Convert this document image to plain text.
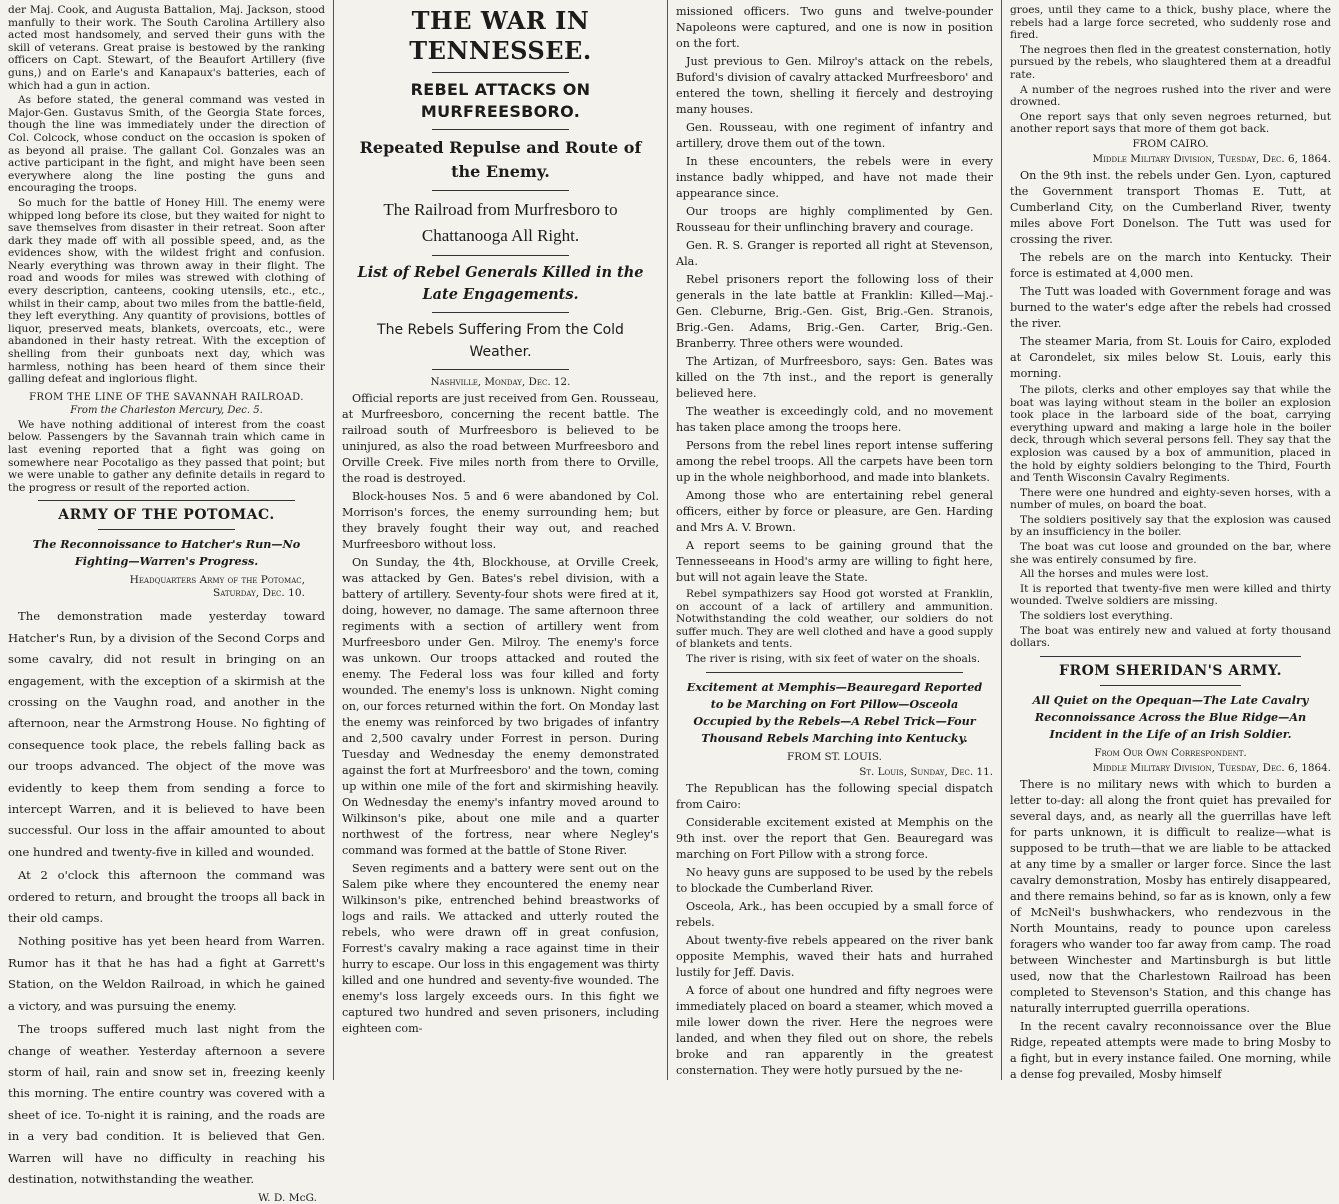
der Maj. Cook, and Augusta Battalion, Maj. Jackson, stood manfully to their work. The South Carolina Artillery also acted most handsomely, and served their guns with the skill of veterans. Great praise is bestowed by the ranking officers on Capt. Stewart, of the Beaufort Artillery (five guns,) and on Earle's and Kanapaux's batteries, each of which had a gun in action.

As before stated, the general command was vested in Major-Gen. Gustavus Smith, of the Georgia State forces, though the line was immediately under the direction of Col. Colcock, whose conduct on the occasion is spoken of as beyond all praise. The gallant Col. Gonzales was an active participant in the fight, and might have been seen everywhere along the line posting the guns and encouraging the troops.

So much for the battle of Honey Hill. The enemy were whipped long before its close, but they waited for night to save themselves from disaster in their retreat. Soon after dark they made off with all possible speed, and, as the evidences show, with the wildest fright and confusion. Nearly everything was thrown away in their flight. The road and woods for miles was strewed with clothing of every description, canteens, cooking utensils, etc., etc., whilst in their camp, about two miles from the battle-field, they left everything. Any quantity of provisions, bottles of liquor, preserved meats, blankets, overcoats, etc., were abandoned in their hasty retreat. With the exception of shelling from their gunboats next day, which was harmless, nothing has been heard of them since their galling defeat and inglorious flight.

FROM THE LINE OF THE SAVANNAH RAILROAD.
From the Charleston Mercury, Dec. 5.

We have nothing additional of interest from the coast below. Passengers by the Savannah train which came in last evening reported that a fight was going on somewhere near Pocotaligo as they passed that point; but we were unable to gather any definite details in regard to the progress or result of the reported action.

ARMY OF THE POTOMAC.
The Reconnoissance to Hatcher's Run—No Fighting—Warren's Progress.
Headquarters Army of the Potomac,
Saturday, Dec. 10.

The demonstration made yesterday toward Hatcher's Run, by a division of the Second Corps and some cavalry, did not result in bringing on an engagement, with the exception of a skirmish at the crossing on the Vaughn road, and another in the afternoon, near the Armstrong House. No fighting of consequence took place, the rebels falling back as our troops advanced. The object of the move was evidently to keep them from sending a force to intercept Warren, and it is believed to have been successful. Our loss in the affair amounted to about one hundred and twenty-five in killed and wounded.

At 2 o'clock this afternoon the command was ordered to return, and brought the troops all back in their old camps.

Nothing positive has yet been heard from Warren. Rumor has it that he has had a fight at Garrett's Station, on the Weldon Railroad, in which he gained a victory, and was pursuing the enemy.

The troops suffered much last night from the change of weather. Yesterday afternoon a severe storm of hail, rain and snow set in, freezing keenly this morning. The entire country was covered with a sheet of ice. To-night it is raining, and the roads are in a very bad condition. It is believed that Gen. Warren will have no difficulty in reaching his destination, notwithstanding the weather.

W. D. McG.
THE WAR IN TENNESSEE.
REBEL ATTACKS ON MURFREESBORO.
Repeated Repulse and Route of the Enemy.
The Railroad from Murfresboro to Chattanooga All Right.
List of Rebel Generals Killed in the Late Engagements.
The Rebels Suffering From the Cold Weather.
Nashville, Monday, Dec. 12.

Official reports are just received from Gen. Rousseau, at Murfreesboro, concerning the recent battle. The railroad south of Murfreesboro is believed to be uninjured, as also the road between Murfreesboro and Orville Creek. Five miles north from there to Orville, the road is destroyed.

Block-houses Nos. 5 and 6 were abandoned by Col. Morrison's forces, the enemy surrounding hem; but they bravely fought their way out, and reached Murfreesboro without loss.

On Sunday, the 4th, Blockhouse, at Orville Creek, was attacked by Gen. Bates's rebel division, with a battery of artillery. Seventy-four shots were fired at it, doing, however, no damage. The same afternoon three regiments with a section of artillery went from Murfreesboro under Gen. Milroy. The enemy's force was unkown. Our troops attacked and routed the enemy. The Federal loss was four killed and forty wounded. The enemy's loss is unknown. Night coming on, our forces returned within the fort. On Monday last the enemy was reinforced by two brigades of infantry and 2,500 cavalry under Forrest in person. During Tuesday and Wednesday the enemy demonstrated against the fort at Murfreesboro' and the town, coming up within one mile of the fort and skirmishing heavily. On Wednesday the enemy's infantry moved around to Wilkinson's pike, about one mile and a quarter northwest of the fortress, near where Negley's command was formed at the battle of Stone River.

Seven regiments and a battery were sent out on the Salem pike where they encountered the enemy near Wilkinson's pike, entrenched behind breastworks of logs and rails. We attacked and utterly routed the rebels, who were drawn off in great confusion, Forrest's cavalry making a race against time in their hurry to escape. Our loss in this engagement was thirty killed and one hundred and seventy-five wounded. The enemy's loss largely exceeds ours. In this fight we captured two hundred and seven prisoners, including eighteen com-

missioned officers. Two guns and twelve-pounder Napoleons were captured, and one is now in position on the fort.

Just previous to Gen. Milroy's attack on the rebels, Buford's division of cavalry attacked Murfreesboro' and entered the town, shelling it fiercely and destroying many houses.

Gen. Rousseau, with one regiment of infantry and artillery, drove them out of the town.

In these encounters, the rebels were in every instance badly whipped, and have not made their appearance since.

Our troops are highly complimented by Gen. Rousseau for their unflinching bravery and courage.

Gen. R. S. Granger is reported all right at Stevenson, Ala.

Rebel prisoners report the following loss of their generals in the late battle at Franklin: Killed—Maj.-Gen. Cleburne, Brig.-Gen. Gist, Brig.-Gen. Stranois, Brig.-Gen. Adams, Brig.-Gen. Carter, Brig.-Gen. Branberry. Three others were wounded.

The Artizan, of Murfreesboro, says: Gen. Bates was killed on the 7th inst., and the report is generally believed here.

The weather is exceedingly cold, and no movement has taken place among the troops here.

Persons from the rebel lines report intense suffering among the rebel troops. All the carpets have been torn up in the whole neighborhood, and made into blankets.

Among those who are entertaining rebel general officers, either by force or pleasure, are Gen. Harding and Mrs A. V. Brown.

A report seems to be gaining ground that the Tennesseeans in Hood's army are willing to fight here, but will not again leave the State.

Rebel sympathizers say Hood got worsted at Franklin, on account of a lack of artillery and ammunition. Notwithstanding the cold weather, our soldiers do not suffer much. They are well clothed and have a good supply of blankets and tents.

The river is rising, with six feet of water on the shoals.

Excitement at Memphis—Beauregard Reported to be Marching on Fort Pillow—Osceola Occupied by the Rebels—A Rebel Trick—Four Thousand Rebels Marching into Kentucky.
FROM ST. LOUIS.
St. Louis, Sunday, Dec. 11.

The Republican has the following special dispatch from Cairo:

Considerable excitement existed at Memphis on the 9th inst. over the report that Gen. Beauregard was marching on Fort Pillow with a strong force.

No heavy guns are supposed to be used by the rebels to blockade the Cumberland River.

Osceola, Ark., has been occupied by a small force of rebels.

About twenty-five rebels appeared on the river bank opposite Memphis, waved their hats and hurrahed lustily for Jeff. Davis.

A force of about one hundred and fifty negroes were immediately placed on board a steamer, which moved a mile lower down the river. Here the negroes were landed, and when they filed out on shore, the rebels broke and ran apparently in the greatest consternation. They were hotly pursued by the ne-

groes, until they came to a thick, bushy place, where the rebels had a large force secreted, who suddenly rose and fired.

The negroes then fled in the greatest consternation, hotly pursued by the rebels, who slaughtered them at a dreadful rate.

A number of the negroes rushed into the river and were drowned.

One report says that only seven negroes returned, but another report says that more of them got back.

FROM CAIRO.
Middle Military Division, Tuesday, Dec. 6, 1864.

On the 9th inst. the rebels under Gen. Lyon, captured the Government transport Thomas E. Tutt, at Cumberland City, on the Cumberland River, twenty miles above Fort Donelson. The Tutt was used for crossing the river.

The rebels are on the march into Kentucky. Their force is estimated at 4,000 men.

The Tutt was loaded with Government forage and was burned to the water's edge after the rebels had crossed the river.

The steamer Maria, from St. Louis for Cairo, exploded at Carondelet, six miles below St. Louis, early this morning.

The pilots, clerks and other employes say that while the boat was laying without steam in the boiler an explosion took place in the larboard side of the boat, carrying everything upward and making a large hole in the boiler deck, through which several persons fell. They say that the explosion was caused by a box of ammunition, placed in the hold by eighty soldiers belonging to the Third, Fourth and Tenth Wisconsin Cavalry Regiments.

There were one hundred and eighty-seven horses, with a number of mules, on board the boat.

The soldiers positively say that the explosion was caused by an insufficiency in the boiler.

The boat was cut loose and grounded on the bar, where she was entirely consumed by fire.

All the horses and mules were lost.

It is reported that twenty-five men were killed and thirty wounded. Twelve soldiers are missing.

The soldiers lost everything.

The boat was entirely new and valued at forty thousand dollars.

FROM SHERIDAN'S ARMY.
All Quiet on the Opequan—The Late Cavalry Reconnoissance Across the Blue Ridge—An Incident in the Life of an Irish Soldier.
From Our Own Correspondent.
Middle Military Division, Tuesday, Dec. 6, 1864.

There is no military news with which to burden a letter to-day: all along the front quiet has prevailed for several days, and, as nearly all the guerrillas have left for parts unknown, it is difficult to realize—what is supposed to be truth—that we are liable to be attacked at any time by a smaller or larger force. Since the last cavalry demonstration, Mosby has entirely disappeared, and there remains behind, so far as is known, only a few of McNeil's bushwhackers, who rendezvous in the North Mountains, ready to pounce upon careless foragers who wander too far away from camp. The road between Winchester and Martinsburgh is but little used, now that the Charlestown Railroad has been completed to Stevenson's Station, and this change has naturally interrupted guerrilla operations.

In the recent cavalry reconnoissance over the Blue Ridge, repeated attempts were made to bring Mosby to a fight, but in every instance failed. One morning, while a dense fog prevailed, Mosby himself
